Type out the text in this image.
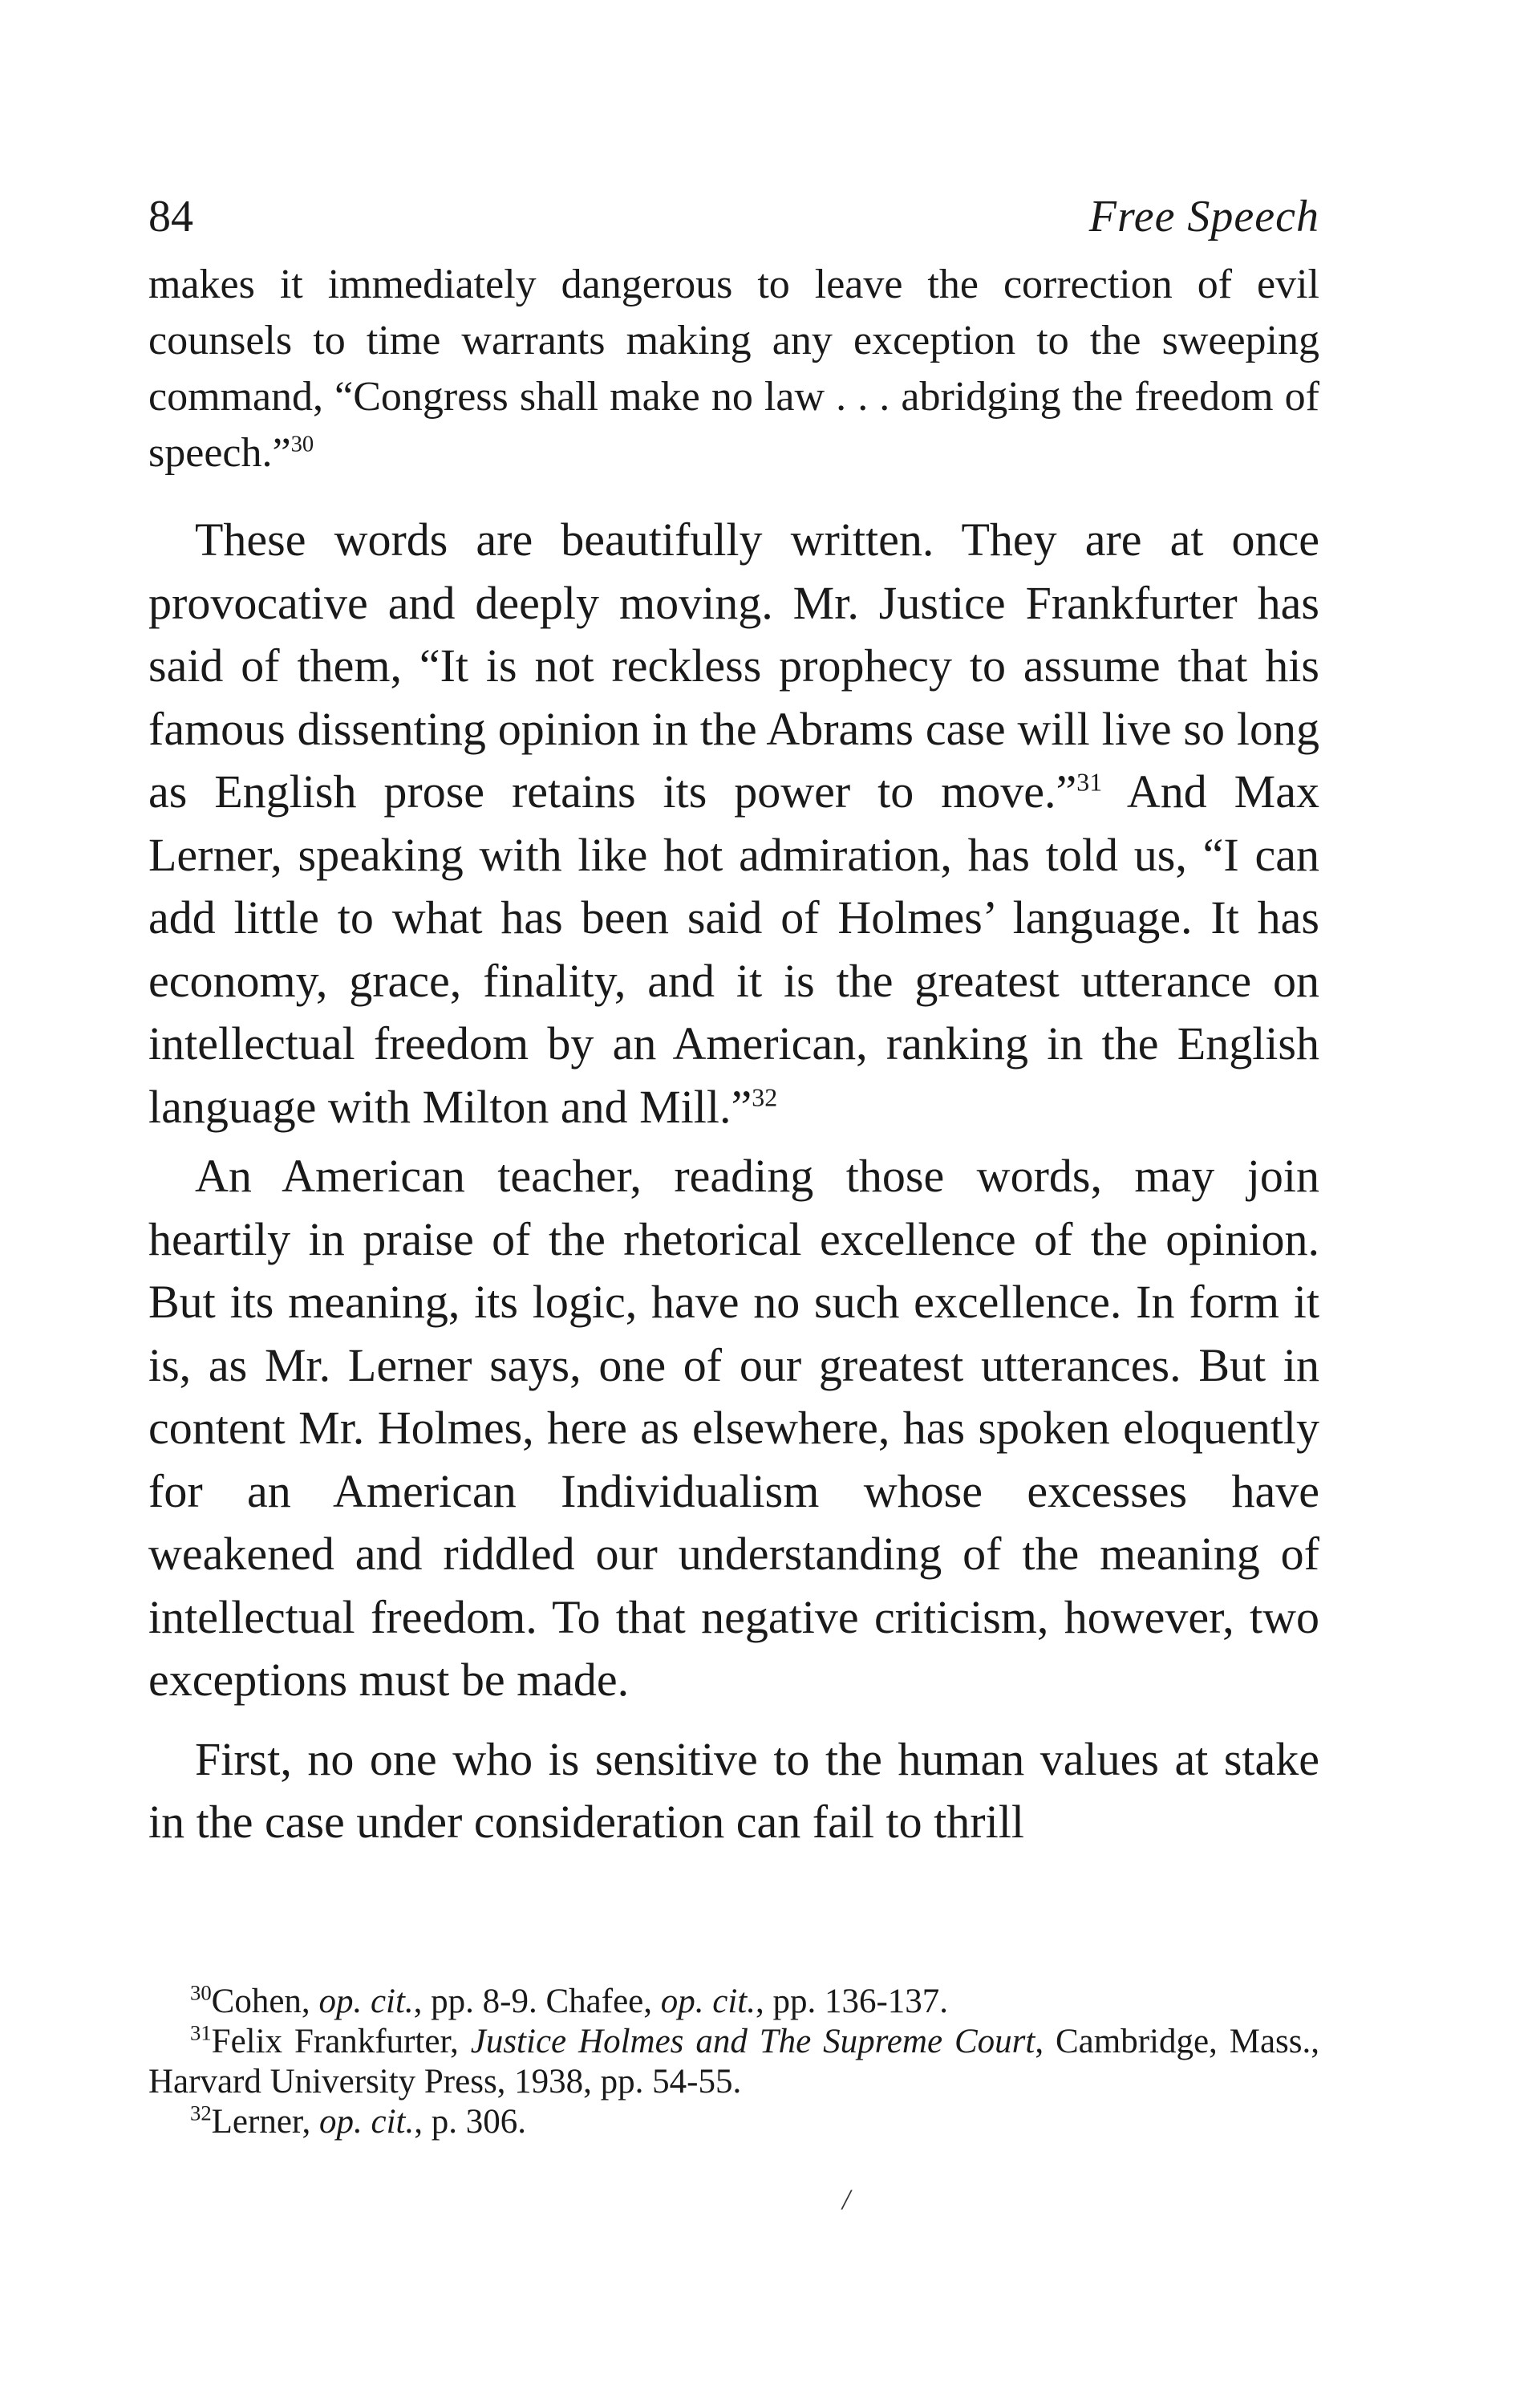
84	Free Speech

makes it immediately dangerous to leave the correction of evil counsels to time warrants making any exception to the sweeping command, “Congress shall make no law . . . abridging the freedom of speech.”$^{30}$

These words are beautifully written. They are at once provocative and deeply moving. Mr. Justice Frankfurter has said of them, “It is not reckless prophecy to assume that his famous dissenting opinion in the Abrams case will live so long as English prose retains its power to move.”$^{31}$ And Max Lerner, speaking with like hot admiration, has told us, “I can add little to what has been said of Holmes’ language. It has economy, grace, finality, and it is the greatest utterance on intellectual freedom by an American, ranking in the English language with Milton and Mill.”$^{32}$

An American teacher, reading those words, may join heartily in praise of the rhetorical excellence of the opinion. But its meaning, its logic, have no such excellence. In form it is, as Mr. Lerner says, one of our greatest utterances. But in content Mr. Holmes, here as elsewhere, has spoken eloquently for an American Individualism whose excesses have weakened and riddled our understanding of the meaning of intellectual freedom. To that negative criticism, however, two exceptions must be made.

First, no one who is sensitive to the human values at stake in the case under consideration can fail to thrill

$^{30}$Cohen, op. cit., pp. 8-9. Chafee, op. cit., pp. 136-137.

$^{31}$Felix Frankfurter, Justice Holmes and The Supreme Court, Cambridge, Mass., Harvard University Press, 1938, pp. 54-55.

$^{32}$Lerner, op. cit., p. 306.

/
